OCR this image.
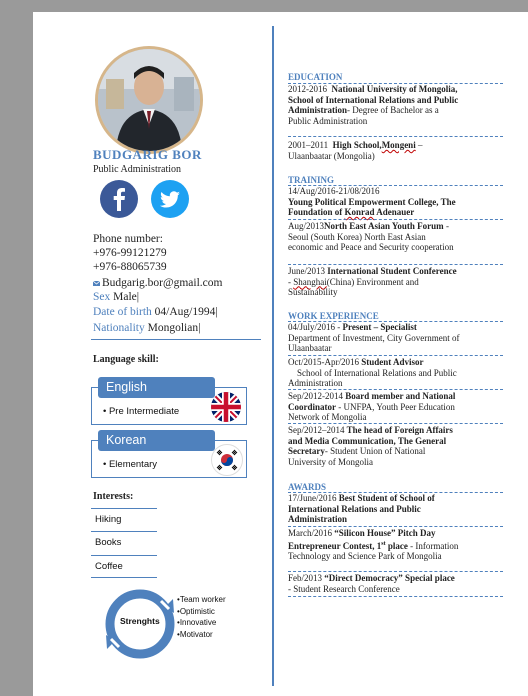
BUDGARIG BOR
Public Administration
Phone number:
+976-99121279
+976-88065739
Budgarig.bor@gmail.com
Sex Male|
Date of birth 04/Aug/1994|
Nationality Mongolian|
Language skill:
English
• Pre Intermediate
Korean
• Elementary
Interests:
Hiking
Books
Coffee
Strenghts
•Team worker
•Optimistic
•Innovative
•Motivator
EDUCATION
2012-2016 National University of Mongolia, School of International Relations and Public Administration- Degree of Bachelor as a Public Administration
2001–2011 High School,Mongeni – Ulaanbaatar (Mongolia)
TRAINING
14/Aug/2016-21/08/2016
Young Political Empowerment College, The Foundation of Konrad Adenauer
Aug/2013North East Asian Youth Forum - Seoul (South Korea) North East Asian economic and Peace and Security cooperation
June/2013 International Student Conference - Shanghai(China) Environment and Sustainability
WORK EXPERIENCE
04/July/2016 - Present – Specialist
Department of Investment, City Government of Ulaanbaatar
Oct/2015-Apr/2016 Student Advisor
School of International Relations and Public Administration
Sep/2012-2014 Board member and National Coordinator - UNFPA, Youth Peer Education Network of Mongolia
Sep/2012–2014 The head of Foreign Affairs and Media Communication, The General Secretary- Student Union of National University of Mongolia
AWARDS
17/June/2016 Best Student of School of International Relations and Public Administration
March/2016 “Silicon House” Pitch Day Entrepreneur Contest, 1st place - Information Technology and Science Park of Mongolia
Feb/2013 “Direct Democracy” Special place - Student Research Conference
